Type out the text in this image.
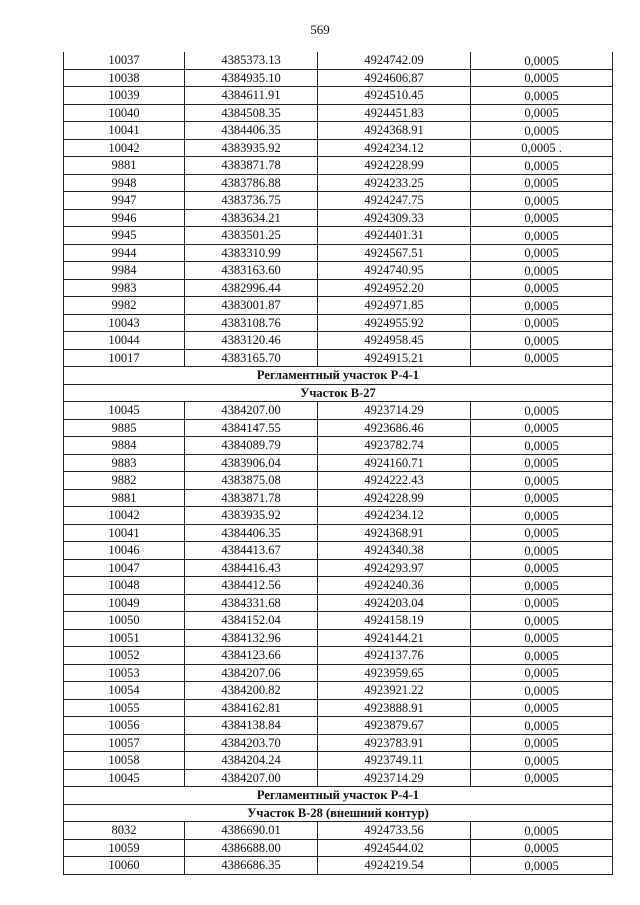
569
10037	4385373.13	4924742.09	0,0005
10038	4384935.10	4924606.87	0,0005
10039	4384611.91	4924510.45	0,0005
10040	4384508.35	4924451.83	0,0005
10041	4384406.35	4924368.91	0,0005
10042	4383935.92	4924234.12	0,0005 .
9881	4383871.78	4924228.99	0,0005
9948	4383786.88	4924233.25	0,0005
9947	4383736.75	4924247.75	0,0005
9946	4383634.21	4924309.33	0,0005
9945	4383501.25	4924401.31	0,0005
9944	4383310.99	4924567.51	0,0005
9984	4383163.60	4924740.95	0,0005
9983	4382996.44	4924952.20	0,0005
9982	4383001.87	4924971.85	0,0005
10043	4383108.76	4924955.92	0,0005
10044	4383120.46	4924958.45	0,0005
10017	4383165.70	4924915.21	0,0005
Регламентный участок Р-4-1			
Участок В-27			
10045	4384207.00	4923714.29	0,0005
9885	4384147.55	4923686.46	0,0005
9884	4384089.79	4923782.74	0,0005
9883	4383906.04	4924160.71	0,0005
9882	4383875.08	4924222.43	0,0005
9881	4383871.78	4924228.99	0,0005
10042	4383935.92	4924234.12	0,0005
10041	4384406.35	4924368.91	0,0005
10046	4384413.67	4924340.38	0,0005
10047	4384416.43	4924293.97	0,0005
10048	4384412.56	4924240.36	0,0005
10049	4384331.68	4924203.04	0,0005
10050	4384152.04	4924158.19	0,0005
10051	4384132.96	4924144.21	0,0005
10052	4384123.66	4924137.76	0,0005
10053	4384207.06	4923959.65	0,0005
10054	4384200.82	4923921.22	0,0005
10055	4384162.81	4923888.91	0,0005
10056	4384138.84	4923879.67	0,0005
10057	4384203.70	4923783.91	0,0005
10058	4384204.24	4923749.11	0,0005
10045	4384207.00	4923714.29	0,0005
Регламентный участок Р-4-1			
Участок В-28 (внешний контур)			
8032	4386690.01	4924733.56	0,0005
10059	4386688.00	4924544.02	0,0005
10060	4386686.35	4924219.54	0,0005
